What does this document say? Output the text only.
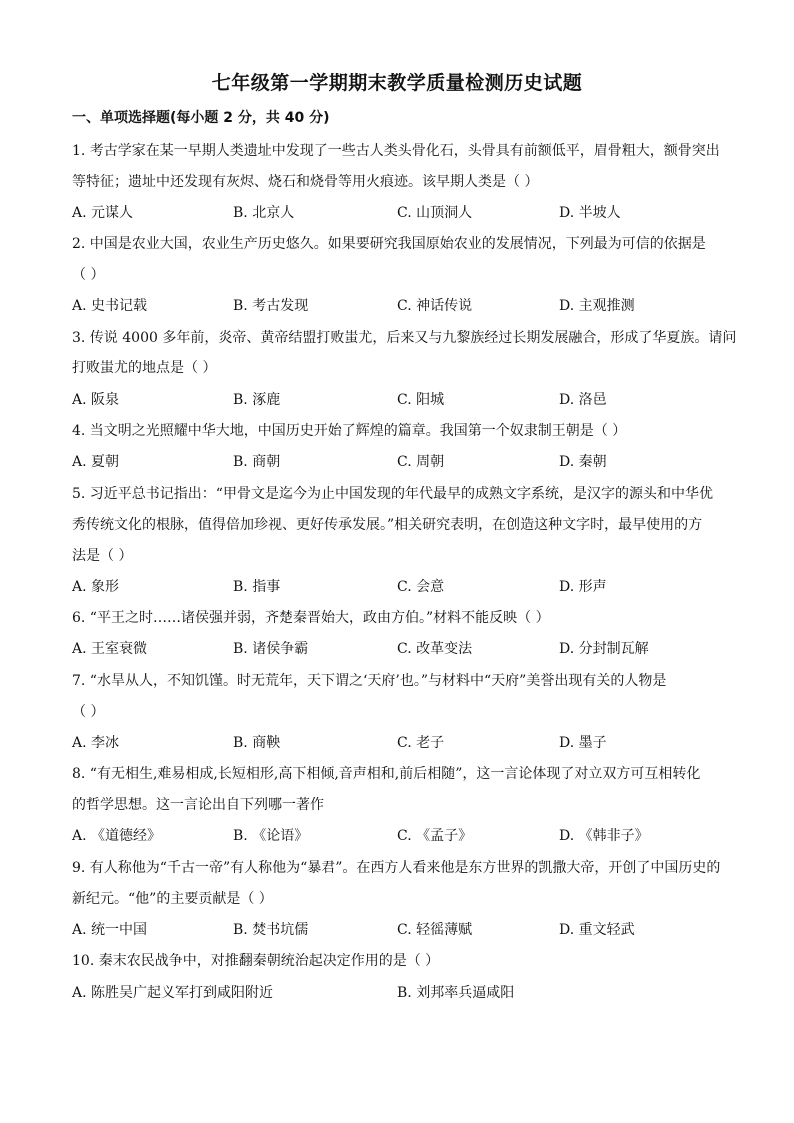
七年级第一学期期末教学质量检测历史试题
一、单项选择题(每小题 2 分，共 40 分)
1. 考古学家在某一早期人类遗址中发现了一些古人类头骨化石，头骨具有前额低平，眉骨粗大，额骨突出
等特征；遗址中还发现有灰烬、烧石和烧骨等用火痕迹。该早期人类是（ ）
A. 元谋人	B. 北京人	C. 山顶洞人	D. 半坡人
2. 中国是农业大国，农业生产历史悠久。如果要研究我国原始农业的发展情况，下列最为可信的依据是
（ ）
A. 史书记载	B. 考古发现	C. 神话传说	D. 主观推测
3. 传说 4000 多年前，炎帝、黄帝结盟打败蚩尤，后来又与九黎族经过长期发展融合，形成了华夏族。请问
打败蚩尤的地点是（ ）
A. 阪泉	B. 涿鹿	C. 阳城	D. 洛邑
4. 当文明之光照耀中华大地，中国历史开始了辉煌的篇章。我国第一个奴隶制王朝是（ ）
A. 夏朝	B. 商朝	C. 周朝	D. 秦朝
5. 习近平总书记指出：“甲骨文是迄今为止中国发现的年代最早的成熟文字系统，是汉字的源头和中华优
秀传统文化的根脉，值得倍加珍视、更好传承发展。”相关研究表明，在创造这种文字时，最早使用的方
法是（ ）
A. 象形	B. 指事	C. 会意	D. 形声
6. “平王之时……诸侯强并弱，齐楚秦晋始大，政由方伯。”材料不能反映（ ）
A. 王室衰微	B. 诸侯争霸	C. 改革变法	D. 分封制瓦解
7. “水旱从人，不知饥馑。时无荒年，天下谓之‘天府’也。”与材料中“天府”美誉出现有关的人物是
（ ）
A. 李冰	B. 商鞅	C. 老子	D. 墨子
8. “有无相生,难易相成,长短相形,高下相倾,音声相和,前后相随”，这一言论体现了对立双方可互相转化
的哲学思想。这一言论出自下列哪一著作
A. 《道德经》	B. 《论语》	C. 《孟子》	D. 《韩非子》
9. 有人称他为“千古一帝”有人称他为“暴君”。在西方人看来他是东方世界的凯撒大帝，开创了中国历史的
新纪元。“他”的主要贡献是（ ）
A. 统一中国	B. 焚书坑儒	C. 轻徭薄赋	D. 重文轻武
10. 秦末农民战争中，对推翻秦朝统治起决定作用的是（ ）
A. 陈胜吴广起义军打到咸阳附近	B. 刘邦率兵逼咸阳
